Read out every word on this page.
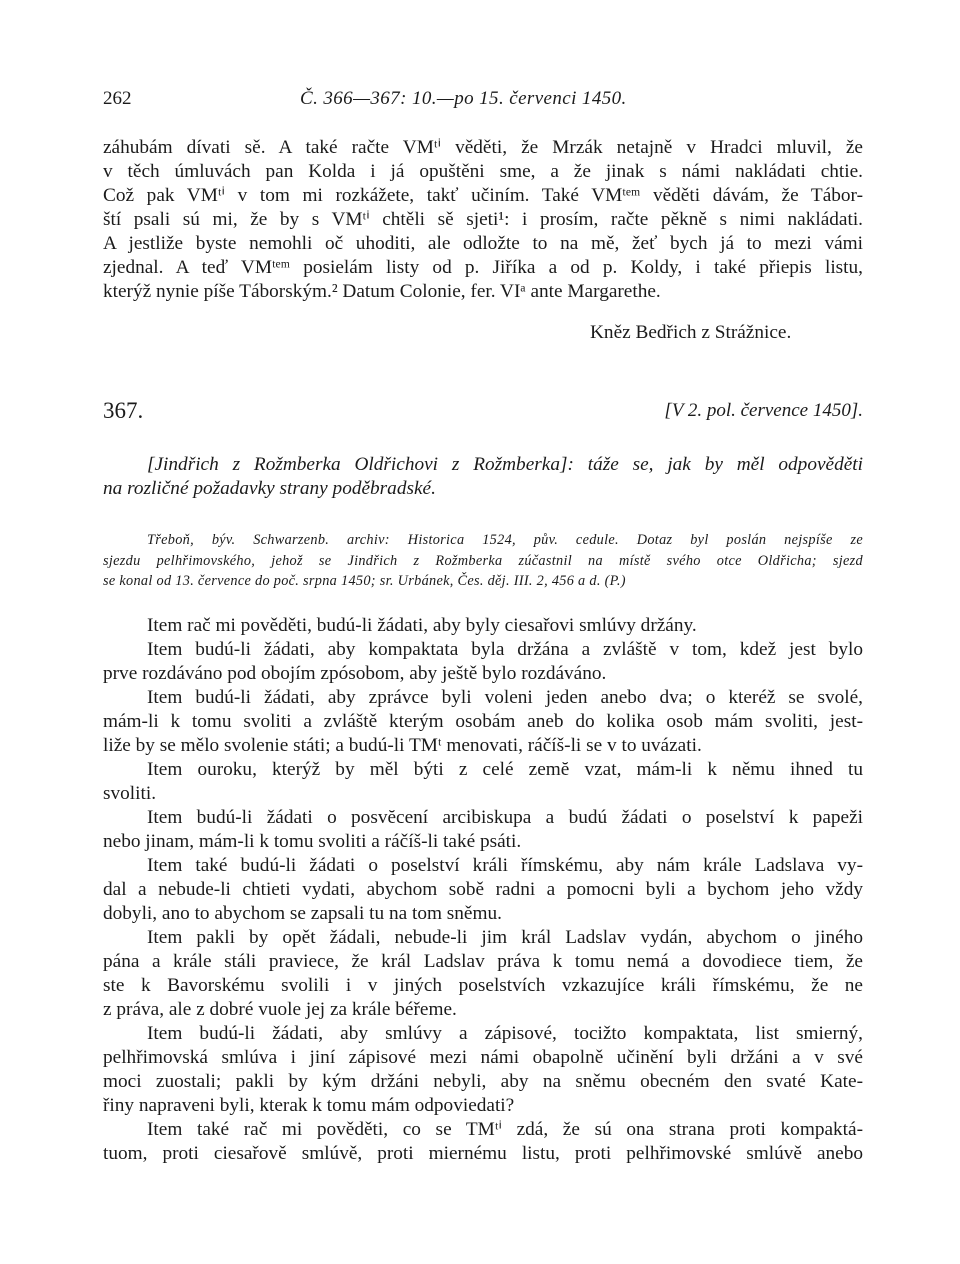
262	Č. 366—367: 10.—po 15. červenci 1450.
záhubám dívati sě. A také račte VMᵗⁱ věděti, že Mrzák netajně v Hradci mluvil, že
v těch úmluvách pan Kolda i já opuštěni sme, a že jinak s námi nakládati chtie.
Což pak VMᵗⁱ v tom mi rozkážete, takť učiním. Také VMᵗᵉᵐ věděti dávám, že Tábor-
ští psali sú mi, že by s VMᵗⁱ chtěli sě sjeti¹: i prosím, račte pěkně s nimi nakládati.
A jestliže byste nemohli oč uhoditi, ale odložte to na mě, žeť bych já to mezi vámi
zjednal. A teď VMᵗᵉᵐ posielám listy od p. Jiříka a od p. Koldy, i také přiepis listu,
kterýž nynie píše Táborským.² Datum Colonie, fer. VIᵃ ante Margarethe.
Kněz Bedřich z Strážnice.
367.	[V 2. pol. července 1450].
[Jindřich z Rožmberka Oldřichovi z Rožmberka]: táže se, jak by měl odpověděti
na rozličné požadavky strany poděbradské.
Třeboň, býv. Schwarzenb. archiv: Historica 1524, pův. cedule. Dotaz byl poslán nejspíše ze
sjezdu pelhřimovského, jehož se Jindřich z Rožmberka zúčastnil na místě svého otce Oldřicha; sjezd
se konal od 13. července do poč. srpna 1450; sr. Urbánek, Čes. děj. III. 2, 456 a d. (P.)
Item rač mi pověděti, budú-li žádati, aby byly ciesařovi smlúvy držány.
Item budú-li žádati, aby kompaktata byla držána a zvláště v tom, kdež jest bylo
prve rozdáváno pod obojím zpósobom, aby ještě bylo rozdáváno.
Item budú-li žádati, aby zprávce byli voleni jeden anebo dva; o kteréž se svolé,
mám-li k tomu svoliti a zvláště kterým osobám aneb do kolika osob mám svoliti, jest-
liže by se mělo svolenie státi; a budú-li TMᵗ menovati, ráčíš-li se v to uvázati.
Item ouroku, kterýž by měl býti z celé zemĕ vzat, mám-li k němu ihned tu
svoliti.
Item budú-li žádati o posvĕcení arcibiskupa a budú žádati o poselství k papeži
nebo jinam, mám-li k tomu svoliti a ráčíš-li také psáti.
Item také budú-li žádati o poselství králi římskému, aby nám krále Ladslava vy-
dal a nebude-li chtieti vydati, abychom sobě radni a pomocni byli a bychom jeho vždy
dobyli, ano to abychom se zapsali tu na tom sněmu.
Item pakli by opět žádali, nebude-li jim král Ladslav vydán, abychom o jiného
pána a krále stáli praviece, že král Ladslav práva k tomu nemá a dovodiece tiem, že
ste k Bavorskému svolili i v jiných poselstvích vzkazujíce králi římskému, že ne
z práva, ale z dobré vuole jej za krále béřeme.
Item budú-li žádati, aby smlúvy a zápisové, tocižto kompaktata, list smierný,
pelhřimovská smlúva i jiní zápisové mezi námi obapolně učinění byli držáni a v své
moci zuostali; pakli by kým držáni nebyli, aby na sněmu obecném den svaté Kate-
řiny napraveni byli, kterak k tomu mám odpoviedati?
Item také rač mi pověděti, co se TMᵗⁱ zdá, že sú ona strana proti kompaktá-
tuom, proti ciesařově smlúvě, proti miernému listu, proti pelhřimovské smlúvě anebo
